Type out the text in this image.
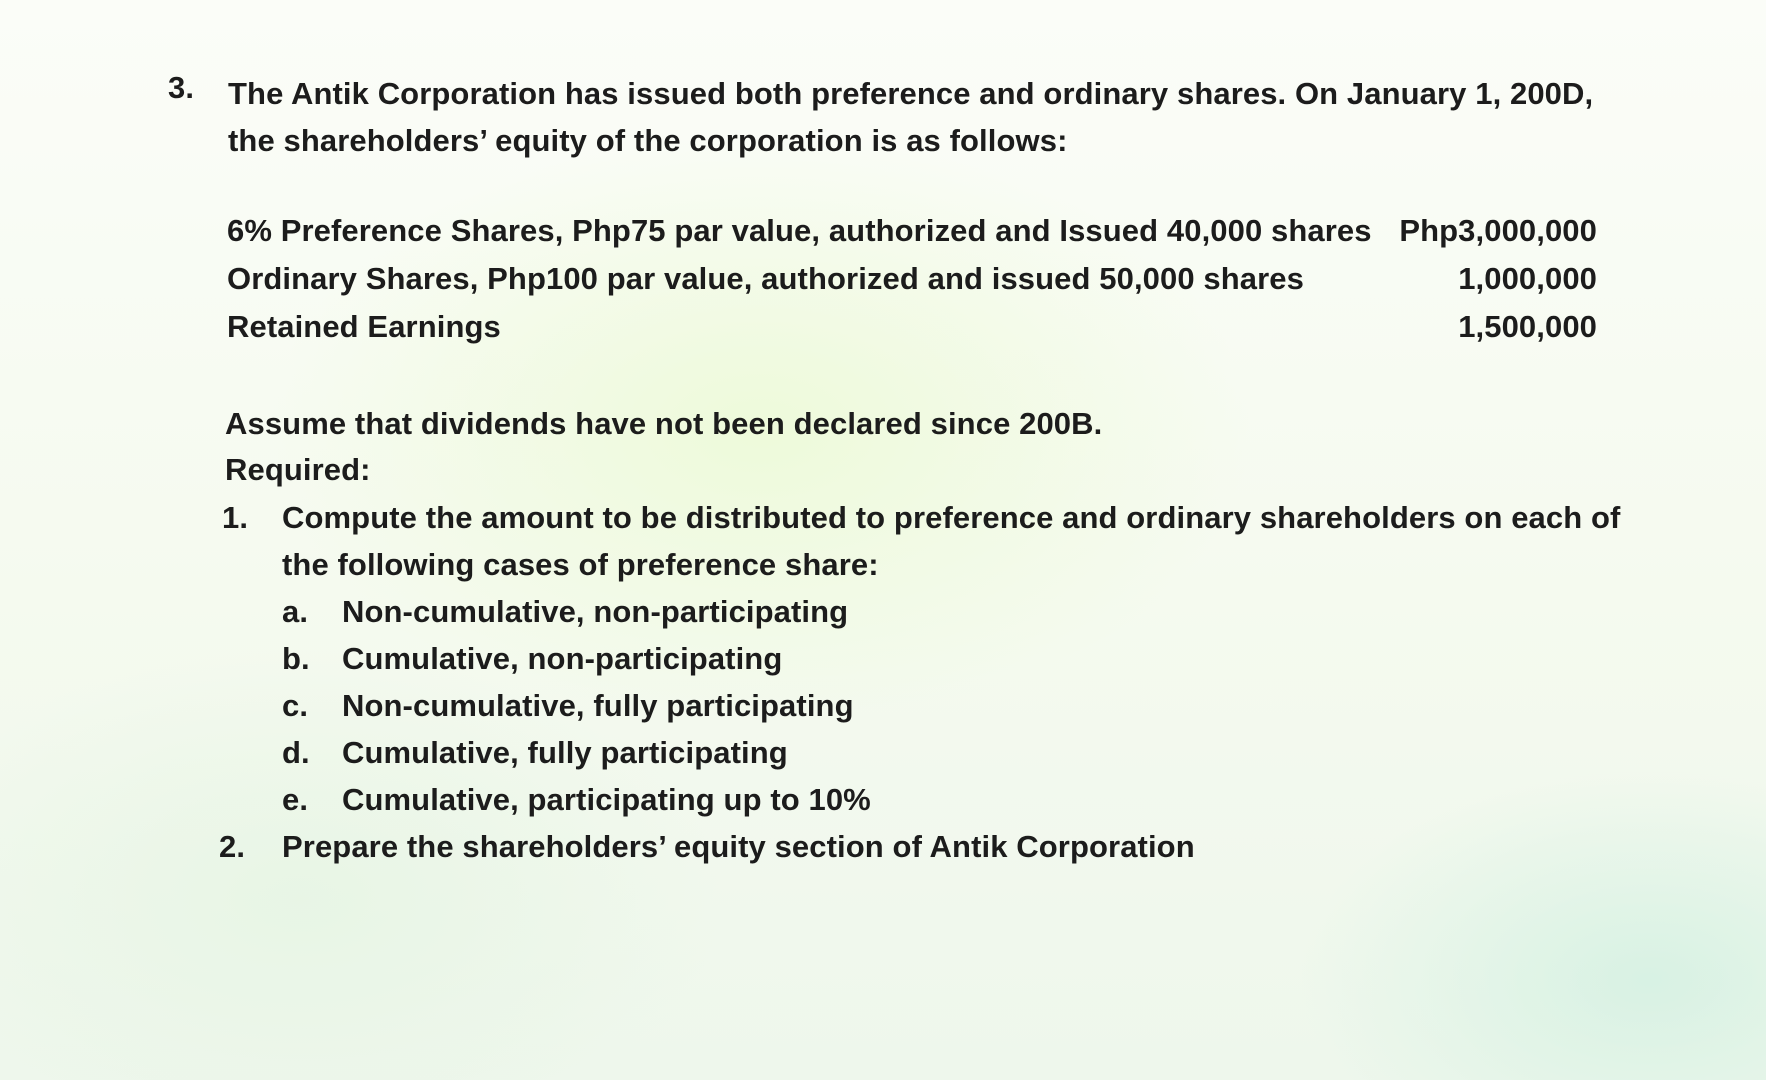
3. The Antik Corporation has issued both preference and ordinary shares. On January 1, 200D, the shareholders’ equity of the corporation is as follows:
6% Preference Shares, Php75 par value, authorized and Issued 40,000 shares Php3,000,000
Ordinary Shares, Php100 par value, authorized and issued 50,000 shares	1,000,000
Retained Earnings	1,500,000
Assume that dividends have not been declared since 200B.
Required:
1. Compute the amount to be distributed to preference and ordinary shareholders on each of the following cases of preference share:
a. Non-cumulative, non-participating
b. Cumulative, non-participating
c. Non-cumulative, fully participating
d. Cumulative, fully participating
e. Cumulative, participating up to 10%
2. Prepare the shareholders’ equity section of Antik Corporation
